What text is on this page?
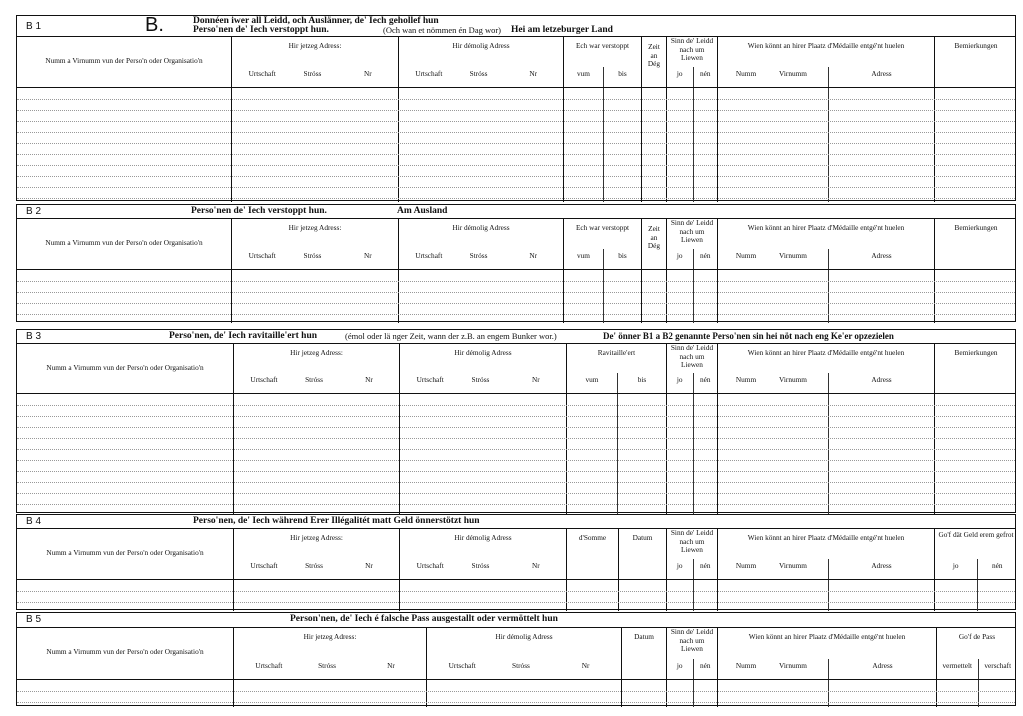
B 1	B.	Donnéen iwer all Leidd, och Auslänner, de' Iech gehollef hun
Perso'nen de' Iech verstoppt hun.	(Och wan et nömmen én Dag wor) Hei am letzeburger Land
Numm a Virnumm vun der Perso'n oder Organisatio'n
Hir jetzeg Adress:
Urtschaft	Stróss	Nr
Hir démolig Adress
Urtschaft	Stróss	Nr
Ech war verstoppt
vum	bis
Zeit an Dég
Sinn de' Leidd nach um Liewen
jo	nén
Wien könnt an hirer Plaatz d'Médaille entgé'nt huelen
Numm	Virnumm	Adress
Bemierkungen
B 2	Perso'nen de' Iech verstoppt hun.	Am Ausland
Numm a Virnumm vun der Perso'n oder Organisatio'n
Hir jetzeg Adress:
Urtschaft	Stróss	Nr
Hir démolig Adress
Urtschaft	Stróss	Nr
Ech war verstoppt
vum	bis
Zeit an Dég
Sinn de' Leidd nach um Liewen
jo	nén
Wien könnt an hirer Plaatz d'Médaille entgé'nt huelen
Numm	Virnumm	Adress
Bemierkungen
B 3	Perso'nen, de' Iech ravitaille'ert hun	(émol oder lä nger Zeit, wann der z.B. an engem Bunker wor.)	De' önner B1 a B2 genannte Perso'nen sin hei nöt nach eng Ke'er opzezielen
Numm a Virnumm vun der Perso'n oder Organisatio'n
Hir jetzeg Adress:
Urtschaft	Stróss	Nr
Hir démolig Adress
Urtschaft	Stróss	Nr
Ravitaille'ert
vum	bis
Sinn de' Leidd nach um Liewen
jo	nén
Wien könnt an hirer Plaatz d'Médaille entgé'nt huelen
Numm	Virnumm	Adress
Bemierkungen
B 4	Perso'nen, de' Iech während Erer Illégalitét matt Geld önnerstötzt hun
Numm a Virnumm vun der Perso'n oder Organisatio'n
Hir jetzeg Adress:
Urtschaft	Stróss	Nr
Hir démolig Adress
Urtschaft	Stróss	Nr
d'Somme	Datum
Sinn de' Leidd nach um Liewen
jo	nén
Wien könnt an hirer Plaatz d'Médaille entgé'nt huelen
Numm	Virnumm	Adress
Go'f dät Geld erem gefrot
jo	nén
B 5	Person'nen, de' Iech é falsche Pass ausgestallt oder vermöttelt hun
Numm a Virnumm vun der Perso'n oder Organisatio'n
Hir jetzeg Adress:
Urtschaft	Stróss	Nr
Hir démolig Adress
Urtschaft	Stróss	Nr
Datum
Sinn de' Leidd nach um Liewen
jo	nén
Wien könnt an hirer Plaatz d'Médaille entgé'nt huelen
Numm	Virnumm	Adress
Go'f de Pass
vermettelt	verschaft
